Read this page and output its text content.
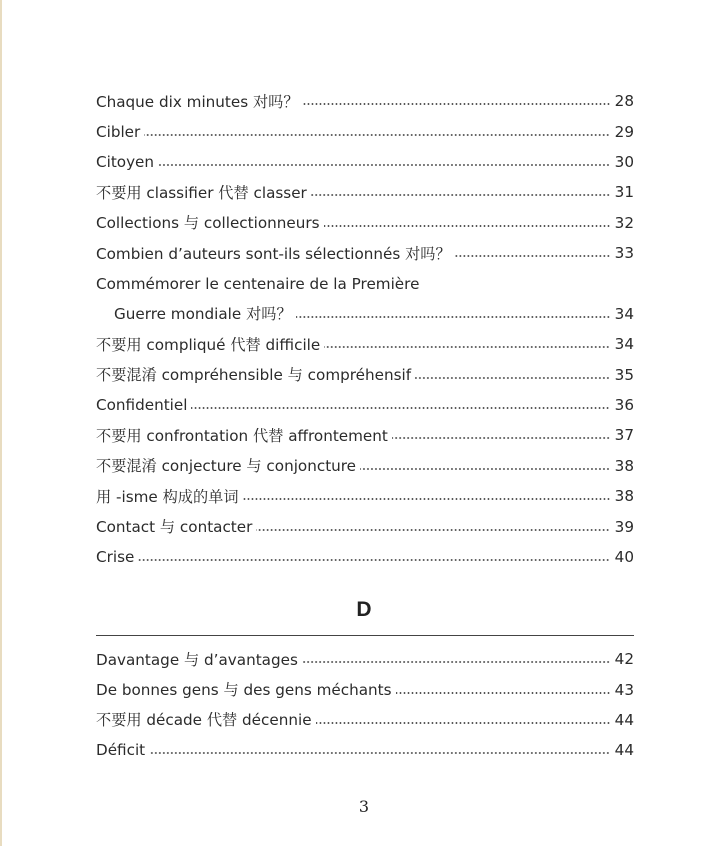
Chaque dix minutes 对吗？	28
Cibler	29
Citoyen	30
不要用 classifier 代替 classer	31
Collections 与 collectionneurs	32
Combien d’auteurs sont-ils sélectionnés 对吗？	33
Commémorer le centenaire de la Première
Guerre mondiale 对吗？	34
不要用 compliqué 代替 difficile	34
不要混淆 compréhensible 与 compréhensif	35
Confidentiel	36
不要用 confrontation 代替 affrontement	37
不要混淆 conjecture 与 conjoncture	38
用 -isme 构成的单词	38
Contact 与 contacter	39
Crise	40
D
Davantage 与 d’avantages	42
De bonnes gens 与 des gens méchants	43
不要用 décade 代替 décennie	44
Déficit	44
3
